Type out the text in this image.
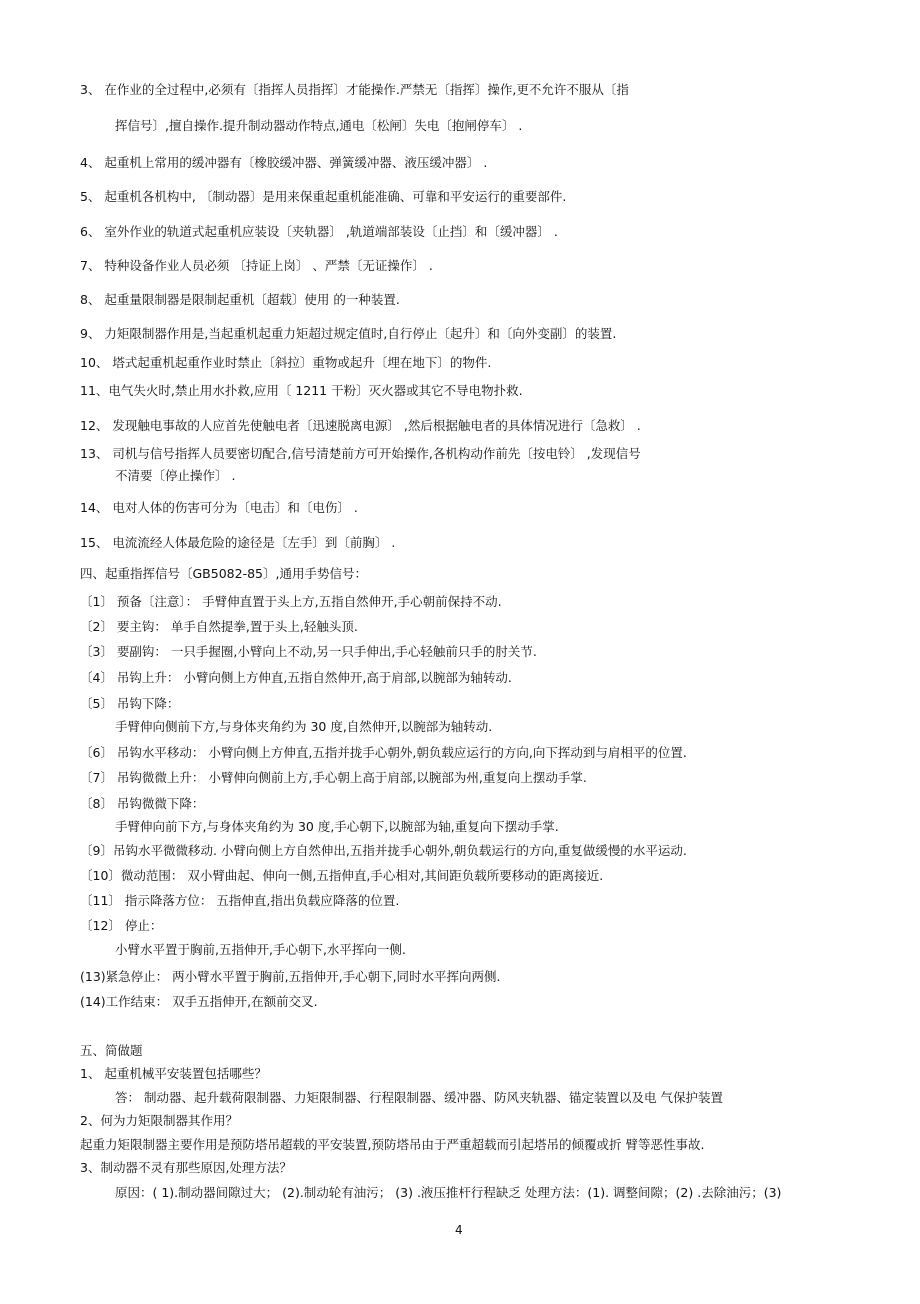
3、 在作业的全过程中,必须有〔指挥人员指挥〕才能操作.严禁无〔指挥〕操作,更不允许不服从〔指
挥信号〕,擅自操作.提升制动器动作特点,通电〔松闸〕失电〔抱闸停车〕 .
4、 起重机上常用的缓冲器有〔橡胶缓冲器、弹簧缓冲器、液压缓冲器〕 .
5、 起重机各机构中, 〔制动器〕是用来保重起重机能准确、可靠和平安运行的重要部件.
6、 室外作业的轨道式起重机应装设〔夹轨器〕 ,轨道端部装设〔止挡〕和〔缓冲器〕 .
7、 特种设备作业人员必须 〔持证上岗〕 、严禁〔无证操作〕 .
8、 起重量限制器是限制起重机〔超载〕使用 的一种装置.
9、 力矩限制器作用是,当起重机起重力矩超过规定值时,自行停止〔起升〕和〔向外变副〕的装置.
10、 塔式起重机起重作业时禁止〔斜拉〕重物或起升〔埋在地下〕的物件.
11、电气失火时,禁止用水扑救,应用〔 1211 干粉〕灭火器或其它不导电物扑救.
12、 发现触电事故的人应首先使触电者〔迅速脱离电源〕 ,然后根据触电者的具体情况进行〔急救〕 .
13、 司机与信号指挥人员要密切配合,信号清楚前方可开始操作,各机构动作前先〔按电铃〕 ,发现信号
不清要〔停止操作〕 .
14、 电对人体的伤害可分为〔电击〕和〔电伤〕 .
15、 电流流经人体最危险的途径是〔左手〕到〔前胸〕 .
四、起重指挥信号〔GB5082-85〕,通用手势信号：
〔1〕 预备〔注意〕： 手臂伸直置于头上方,五指自然伸开,手心朝前保持不动.
〔2〕 要主钩： 单手自然提拳,置于头上,轻触头顶.
〔3〕 要副钩： 一只手握圈,小臂向上不动,另一只手伸出,手心轻触前只手的肘关节.
〔4〕 吊钩上升： 小臂向侧上方伸直,五指自然伸开,高于肩部,以腕部为轴转动.
〔5〕 吊钩下降：
手臂伸向侧前下方,与身体夹角约为 30 度,自然伸开,以腕部为轴转动.
〔6〕 吊钩水平移动： 小臂向侧上方伸直,五指并拢手心朝外,朝负载应运行的方向,向下挥动到与肩相平的位置.
〔7〕 吊钩微微上升： 小臂伸向侧前上方,手心朝上高于肩部,以腕部为州,重复向上摆动手掌.
〔8〕 吊钩微微下降：
手臂伸向前下方,与身体夹角约为 30 度,手心朝下,以腕部为轴,重复向下摆动手掌.
〔9〕吊钩水平微微移动. 小臂向侧上方自然伸出,五指并拢手心朝外,朝负载运行的方向,重复做缓慢的水平运动.
〔10〕微动范围： 双小臂曲起、伸向一侧,五指伸直,手心相对,其间距负载所要移动的距离接近.
〔11〕 指示降落方位： 五指伸直,指出负载应降落的位置.
〔12〕 停止：
小臂水平置于胸前,五指伸开,手心朝下,水平挥向一侧.
(13)紧急停止： 两小臂水平置于胸前,五指伸开,手心朝下,同时水平挥向两侧.
(14)工作结束： 双手五指伸开,在额前交叉.
五、简做题
1、 起重机械平安装置包括哪些？
答： 制动器、起升载荷限制器、力矩限制器、行程限制器、缓冲器、防风夹轨器、锚定装置以及电 气保护装置
2、何为力矩限制器其作用？
起重力矩限制器主要作用是预防塔吊超载的平安装置,预防塔吊由于严重超载而引起塔吊的倾覆或折 臂等恶性事故.
3、制动器不灵有那些原因,处理方法？
原因：( 1).制动器间隙过大； (2).制动轮有油污； (3) .液压推杆行程缺乏 处理方法：(1). 调整间隙；(2) .去除油污；(3)
4
